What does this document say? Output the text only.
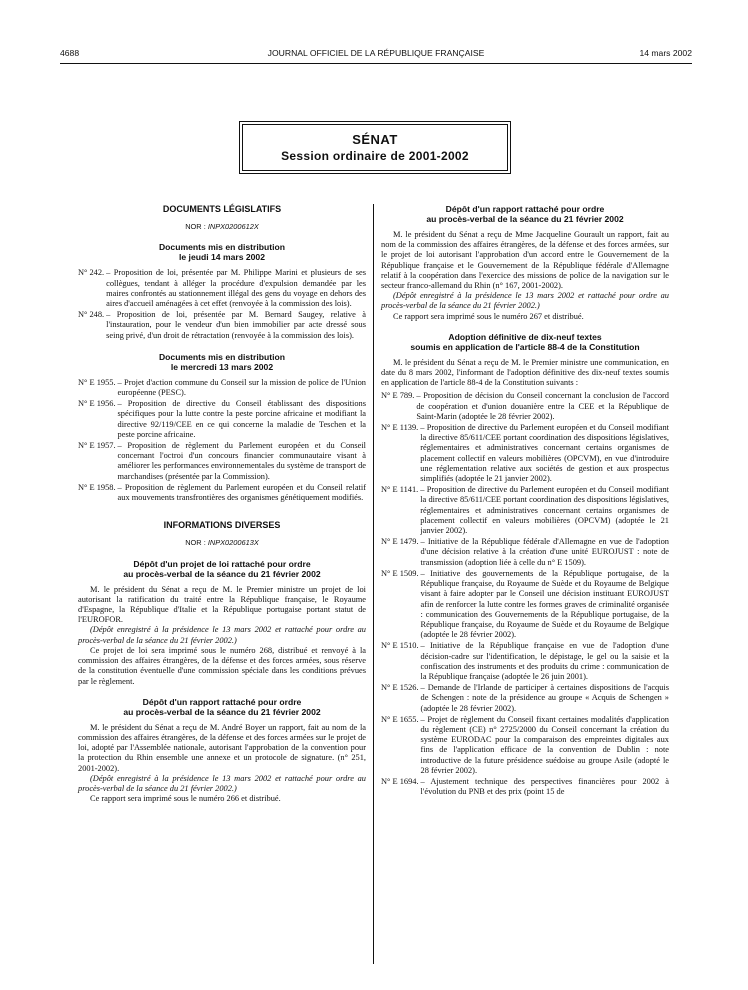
4688	JOURNAL OFFICIEL DE LA RÉPUBLIQUE FRANÇAISE	14 mars 2002
SÉNAT
Session ordinaire de 2001-2002
DOCUMENTS LÉGISLATIFS
NOR : INPX0200612X
Documents mis en distribution
le jeudi 14 mars 2002
N° 242. – Proposition de loi, présentée par M. Philippe Marini et plusieurs de ses collègues, tendant à alléger la procédure d'expulsion demandée par les maires confrontés au stationnement illégal des gens du voyage en dehors des aires d'accueil aménagées à cet effet (renvoyée à la commission des lois).
N° 248. – Proposition de loi, présentée par M. Bernard Saugey, relative à l'instauration, pour le vendeur d'un bien immobilier par acte dressé sous seing privé, d'un droit de rétractation (renvoyée à la commission des lois).
Documents mis en distribution
le mercredi 13 mars 2002
N° E 1955. – Projet d'action commune du Conseil sur la mission de police de l'Union européenne (PESC).
N° E 1956. – Proposition de directive du Conseil établissant des dispositions spécifiques pour la lutte contre la peste porcine africaine et modifiant la directive 92/119/CEE en ce qui concerne la maladie de Teschen et la peste porcine africaine.
N° E 1957. – Proposition de règlement du Parlement européen et du Conseil concernant l'octroi d'un concours financier communautaire visant à améliorer les performances environnementales du système de transport de marchandises (présentée par la Commission).
N° E 1958. – Proposition de règlement du Parlement européen et du Conseil relatif aux mouvements transfrontières des organismes génétiquement modifiés.
INFORMATIONS DIVERSES
NOR : INPX0200613X
Dépôt d'un projet de loi rattaché pour ordre
au procès-verbal de la séance du 21 février 2002

M. le président du Sénat a reçu de M. le Premier ministre un projet de loi autorisant la ratification du traité entre la République française, le Royaume d'Espagne, la République d'Italie et la République portugaise portant statut de l'EUROFOR.

(Dépôt enregistré à la présidence le 13 mars 2002 et rattaché pour ordre au procès-verbal de la séance du 21 février 2002.)

Ce projet de loi sera imprimé sous le numéro 268, distribué et renvoyé à la commission des affaires étrangères, de la défense et des forces armées, sous réserve de la constitution éventuelle d'une commission spéciale dans les conditions prévues par le règlement.

Dépôt d'un rapport rattaché pour ordre
au procès-verbal de la séance du 21 février 2002

M. le président du Sénat a reçu de M. André Boyer un rapport, fait au nom de la commission des affaires étrangères, de la défense et des forces armées sur le projet de loi, adopté par l'Assemblée nationale, autorisant l'approbation de la convention pour la protection du Rhin ensemble une annexe et un protocole de signature. (n° 251, 2001-2002).

(Dépôt enregistré à la présidence le 13 mars 2002 et rattaché pour ordre au procès-verbal de la séance du 21 février 2002.)

Ce rapport sera imprimé sous le numéro 266 et distribué.

Dépôt d'un rapport rattaché pour ordre
au procès-verbal de la séance du 21 février 2002

M. le président du Sénat a reçu de Mme Jacqueline Gourault un rapport, fait au nom de la commission des affaires étrangères, de la défense et des forces armées, sur le projet de loi autorisant l'approbation d'un accord entre le Gouvernement de la République française et le Gouvernement de la République fédérale d'Allemagne relatif à la coopération dans l'exercice des missions de police de la navigation sur le secteur franco-allemand du Rhin (n° 167, 2001-2002).

(Dépôt enregistré à la présidence le 13 mars 2002 et rattaché pour ordre au procès-verbal de la séance du 21 février 2002.)

Ce rapport sera imprimé sous le numéro 267 et distribué.

Adoption définitive de dix-neuf textes
soumis en application de l'article 88-4 de la Constitution

M. le président du Sénat a reçu de M. le Premier ministre une communication, en date du 8 mars 2002, l'informant de l'adoption définitive des dix-neuf textes soumis en application de l'article 88-4 de la Constitution suivants :

N° E 789. – Proposition de décision du Conseil concernant la conclusion de l'accord de coopération et d'union douanière entre la CEE et la République de Saint-Marin (adoptée le 28 février 2002).
N° E 1139. – Proposition de directive du Parlement européen et du Conseil modifiant la directive 85/611/CEE portant coordination des dispositions législatives, réglementaires et administratives concernant certains organismes de placement collectif en valeurs mobilières (OPCVM), en vue d'introduire une réglementation relative aux sociétés de gestion et aux prospectus simplifiés (adoptée le 21 janvier 2002).
N° E 1141. – Proposition de directive du Parlement européen et du Conseil modifiant la directive 85/611/CEE portant coordination des dispositions législatives, réglementaires et administratives concernant certains organismes de placement collectif en valeurs mobilières (OPCVM) (adoptée le 21 janvier 2002).
N° E 1479. – Initiative de la République fédérale d'Allemagne en vue de l'adoption d'une décision relative à la création d'une unité EUROJUST : note de transmission (adoption liée à celle du n° E 1509).
N° E 1509. – Initiative des gouvernements de la République portugaise, de la République française, du Royaume de Suède et du Royaume de Belgique visant à faire adopter par le Conseil une décision instituant EUROJUST afin de renforcer la lutte contre les formes graves de criminalité organisée : communication des Gouvernements de la République portugaise, de la République française, du Royaume de Suède et du Royaume de Belgique (adoptée le 28 février 2002).
N° E 1510. – Initiative de la République française en vue de l'adoption d'une décision-cadre sur l'identification, le dépistage, le gel ou la saisie et la confiscation des instruments et des produits du crime : communication de la République française (adoptée le 26 juin 2001).
N° E 1526. – Demande de l'Irlande de participer à certaines dispositions de l'acquis de Schengen : note de la présidence au groupe « Acquis de Schengen » (adoptée le 28 février 2002).
N° E 1655. – Projet de règlement du Conseil fixant certaines modalités d'application du règlement (CE) n° 2725/2000 du Conseil concernant la création du système EURODAC pour la comparaison des empreintes digitales aux fins de l'application efficace de la convention de Dublin : note introductive de la future présidence suédoise au groupe Asile (adopté le 28 février 2002).
N° E 1694. – Ajustement technique des perspectives financières pour 2002 à l'évolution du PNB et des prix (point 15 de
